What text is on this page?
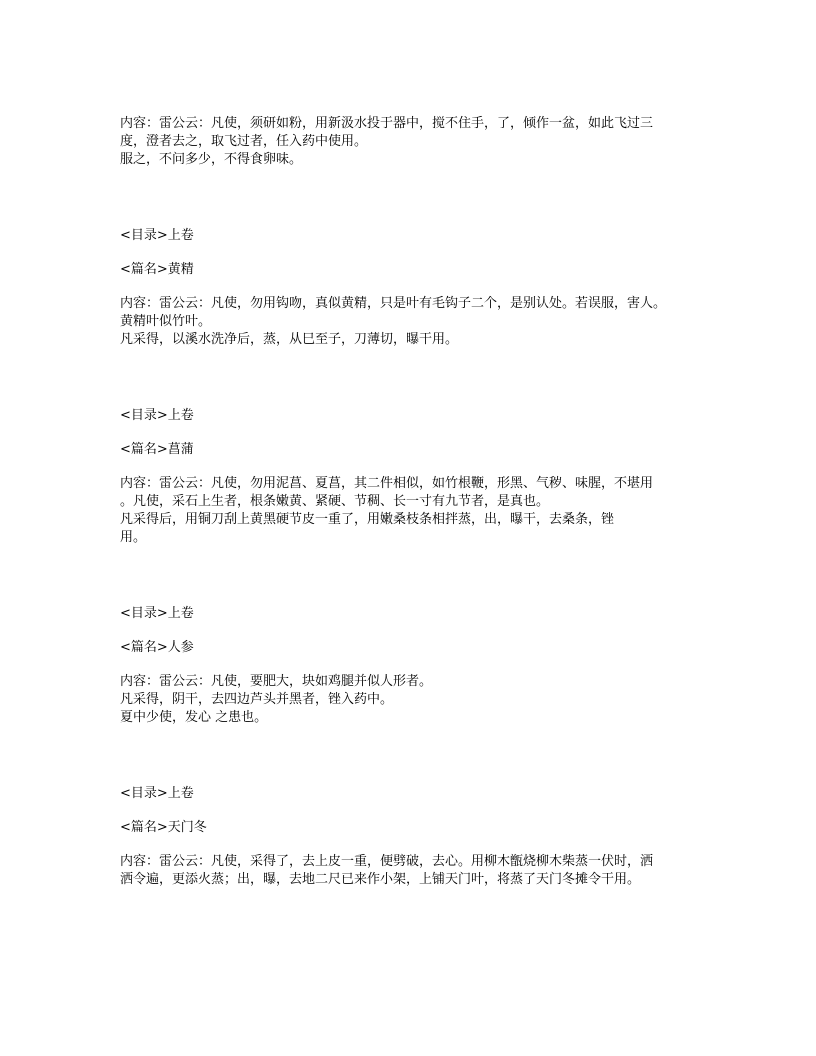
内容：雷公云：凡使，须研如粉，用新汲水投于器中，搅不住手，了，倾作一盆，如此飞过三
度，澄者去之，取飞过者，任入药中使用。
服之，不问多少，不得食卵味。
<目录>上卷
<篇名>黄精
内容：雷公云：凡使，勿用钩吻，真似黄精，只是叶有毛钩子二个，是别认处。若误服，害人。
黄精叶似竹叶。
凡采得，以溪水洗净后，蒸，从巳至子，刀薄切，曝干用。
<目录>上卷
<篇名>菖蒲
内容：雷公云：凡使，勿用泥菖、夏菖，其二件相似，如竹根鞭，形黑、气秽、味腥，不堪用
。凡使，采石上生者，根条嫩黄、紧硬、节稠、长一寸有九节者，是真也。
凡采得后，用铜刀刮上黄黑硬节皮一重了，用嫩桑枝条相拌蒸，出，曝干，去桑条，锉
用。
<目录>上卷
<篇名>人参
内容：雷公云：凡使，要肥大，块如鸡腿并似人形者。
凡采得，阴干，去四边芦头并黑者，锉入药中。
夏中少使，发心 之患也。
<目录>上卷
<篇名>天门冬
内容：雷公云：凡使，采得了，去上皮一重，便劈破，去心。用柳木甑烧柳木柴蒸一伏时，洒
洒令遍，更添火蒸；出，曝，去地二尺已来作小架，上铺天门叶，将蒸了天门冬摊令干用。
